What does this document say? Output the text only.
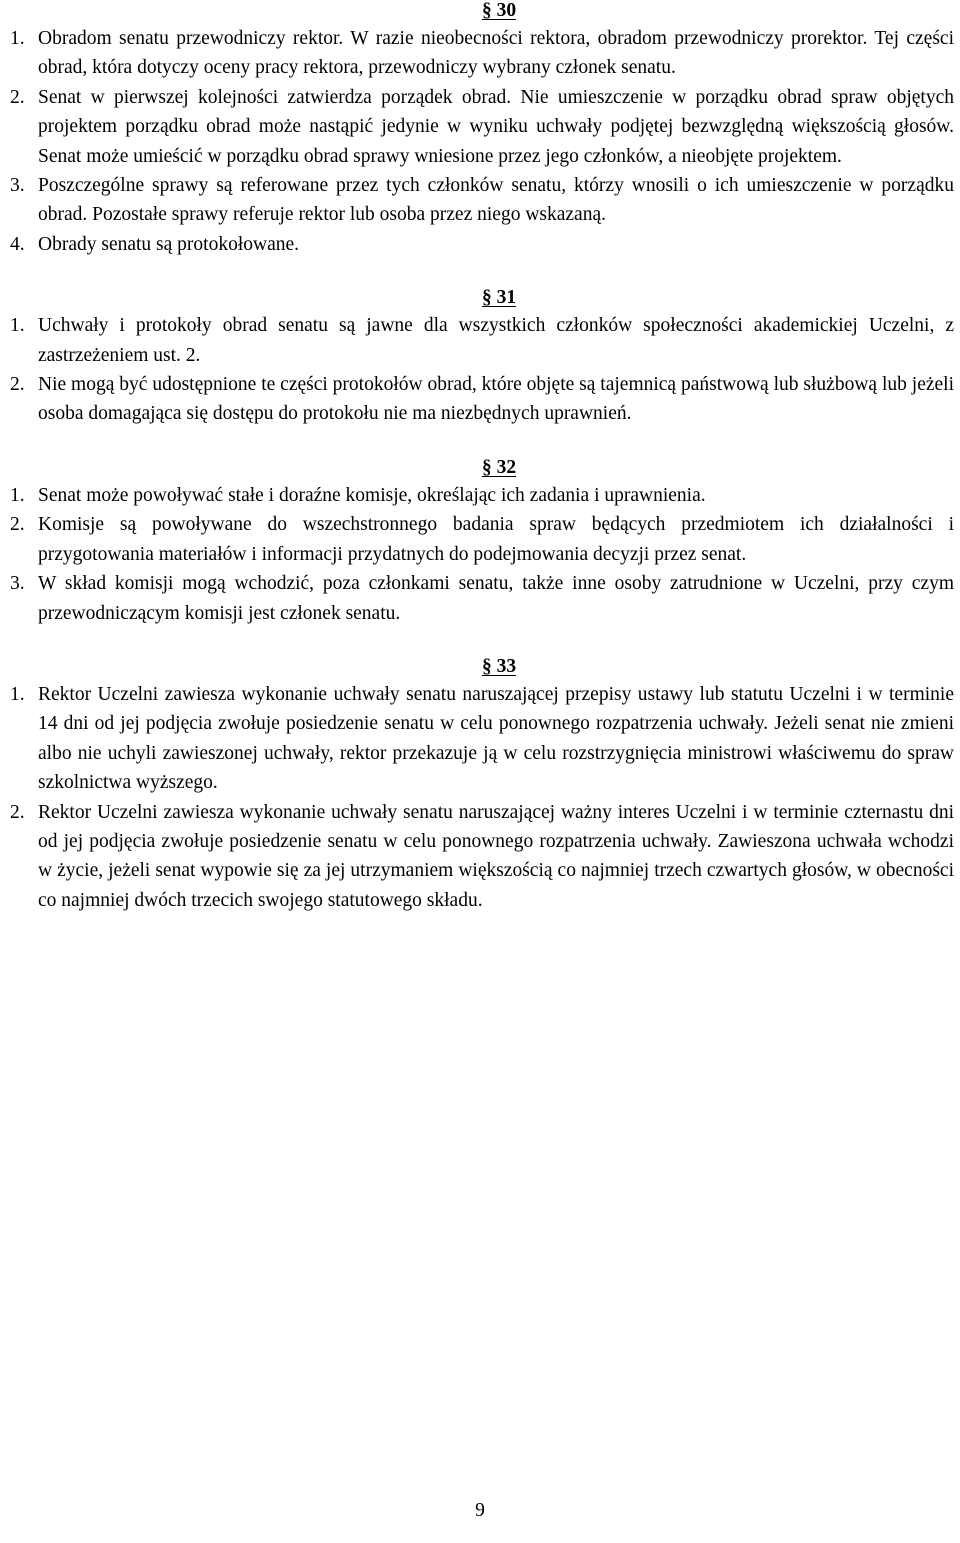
§ 30

1. Obradom senatu przewodniczy rektor. W razie nieobecności rektora, obradom przewodniczy prorektor. Tej części obrad, która dotyczy oceny pracy rektora, przewodniczy wybrany członek senatu.
2. Senat w pierwszej kolejności zatwierdza porządek obrad. Nie umieszczenie w porządku obrad spraw objętych projektem porządku obrad może nastąpić jedynie w wyniku uchwały podjętej bezwzględną większością głosów. Senat może umieścić w porządku obrad sprawy wniesione przez jego członków, a nieobjęte projektem.
3. Poszczególne sprawy są referowane przez tych członków senatu, którzy wnosili o ich umieszczenie w porządku obrad. Pozostałe sprawy referuje rektor lub osoba przez niego wskazaną.
4. Obrady senatu są protokołowane.

§ 31

1. Uchwały i protokoły obrad senatu są jawne dla wszystkich członków społeczności akademickiej Uczelni, z zastrzeżeniem ust. 2.
2. Nie mogą być udostępnione te części protokołów obrad, które objęte są tajemnicą państwową lub służbową lub jeżeli osoba domagająca się dostępu do protokołu nie ma niezbędnych uprawnień.

§ 32

1. Senat może powoływać stałe i doraźne komisje, określając ich zadania i uprawnienia.
2. Komisje są powoływane do wszechstronnego badania spraw będących przedmiotem ich działalności i przygotowania materiałów i informacji przydatnych do podejmowania decyzji przez senat.
3. W skład komisji mogą wchodzić, poza członkami senatu, także inne osoby zatrudnione w Uczelni, przy czym przewodniczącym komisji jest członek senatu.

§ 33

1. Rektor Uczelni zawiesza wykonanie uchwały senatu naruszającej przepisy ustawy lub statutu Uczelni i w terminie 14 dni od jej podjęcia zwołuje posiedzenie senatu w celu ponownego rozpatrzenia uchwały. Jeżeli senat nie zmieni albo nie uchyli zawieszonej uchwały, rektor przekazuje ją w celu rozstrzygnięcia ministrowi właściwemu do spraw szkolnictwa wyższego.
2. Rektor Uczelni zawiesza wykonanie uchwały senatu naruszającej ważny interes Uczelni i w terminie czternastu dni od jej podjęcia zwołuje posiedzenie senatu w celu ponownego rozpatrzenia uchwały. Zawieszona uchwała wchodzi w życie, jeżeli senat wypowie się za jej utrzymaniem większością co najmniej trzech czwartych głosów, w obecności co najmniej dwóch trzecich swojego statutowego składu.
9
